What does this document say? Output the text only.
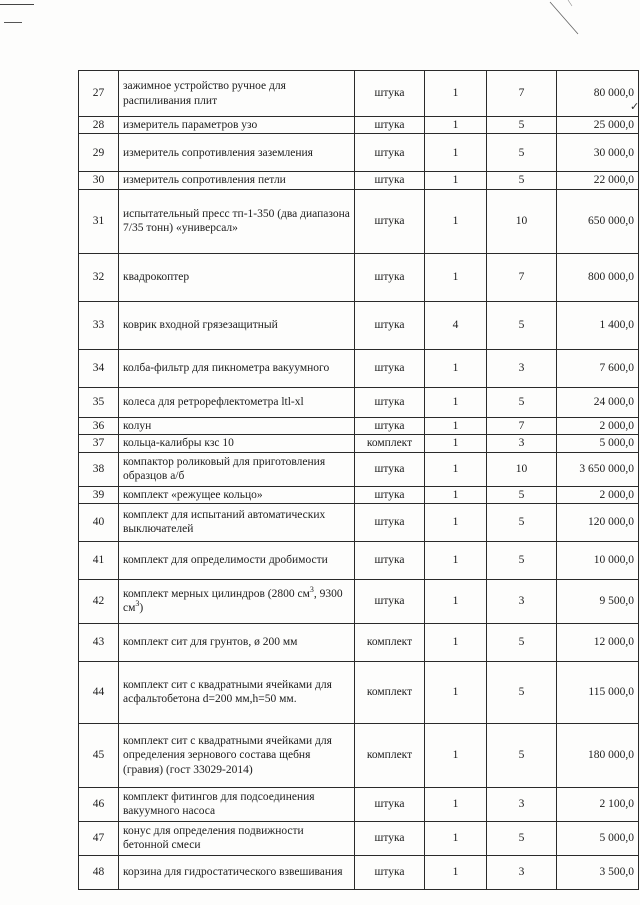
✓
27	зажимное устройство ручное для распиливания плит	штука	1	7	80 000,0
28	измеритель параметров узо	штука	1	5	25 000,0
29	измеритель сопротивления заземления	штука	1	5	30 000,0
30	измеритель сопротивления петли	штука	1	5	22 000,0
31	испытательный пресс тп-1-350 (два диапазона 7/35 тонн) «универсал»	штука	1	10	650 000,0
32	квадрокоптер	штука	1	7	800 000,0
33	коврик входной грязезащитный	штука	4	5	1 400,0
34	колба-фильтр для пикнометра вакуумного	штука	1	3	7 600,0
35	колеса для ретрорефлектометра ltl-xl	штука	1	5	24 000,0
36	колун	штука	1	7	2 000,0
37	кольца-калибры кзс 10	комплект	1	3	5 000,0
38	компактор роликовый для приготовления образцов а/б	штука	1	10	3 650 000,0
39	комплект «режущее кольцо»	штука	1	5	2 000,0
40	комплект для испытаний автоматических выключателей	штука	1	5	120 000,0
41	комплект для определимости дробимости	штука	1	5	10 000,0
42	комплект мерных цилиндров (2800 $см^3$, 9300 $см^3$)	штука	1	3	9 500,0
43	комплект сит для грунтов, ø 200 мм	комплект	1	5	12 000,0
44	комплект сит с квадратными ячейками для асфальтобетона d=200 мм,h=50 мм.	комплект	1	5	115 000,0
45	комплект сит с квадратными ячейками для определения зернового состава щебня (гравия) (гост 33029-2014)	комплект	1	5	180 000,0
46	комплект фитингов для подсоединения вакуумного насоса	штука	1	3	2 100,0
47	конус для определения подвижности бетонной смеси	штука	1	5	5 000,0
48	корзина для гидростатического взвешивания	штука	1	3	3 500,0
